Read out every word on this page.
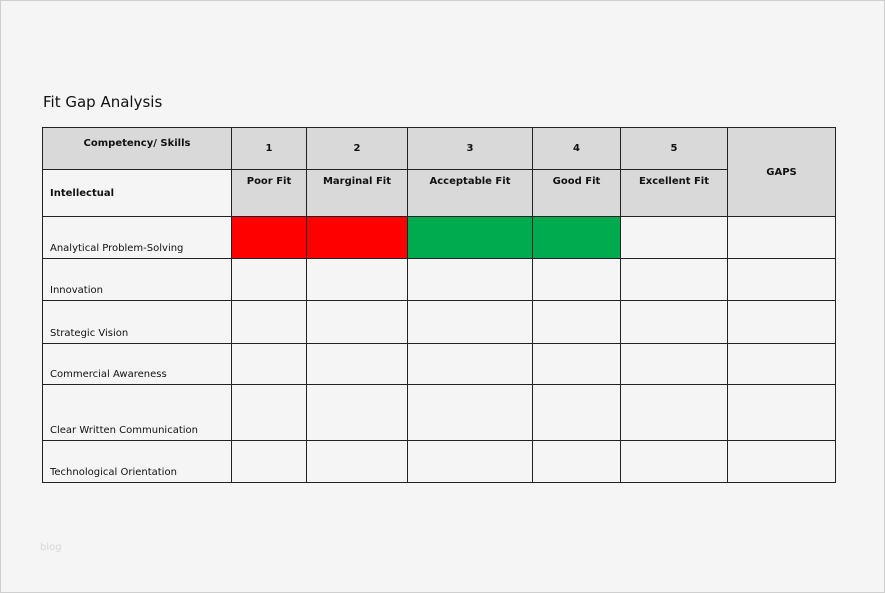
Fit Gap Analysis
Competency/ Skills	1	2	3	4	5	GAPS
Intellectual	Poor Fit	Marginal Fit	Acceptable Fit	Good Fit	Excellent Fit	
Analytical Problem-Solving						
Innovation						
Strategic Vision						
Commercial Awareness						
Clear Written Communication						
Technological Orientation						
blog
